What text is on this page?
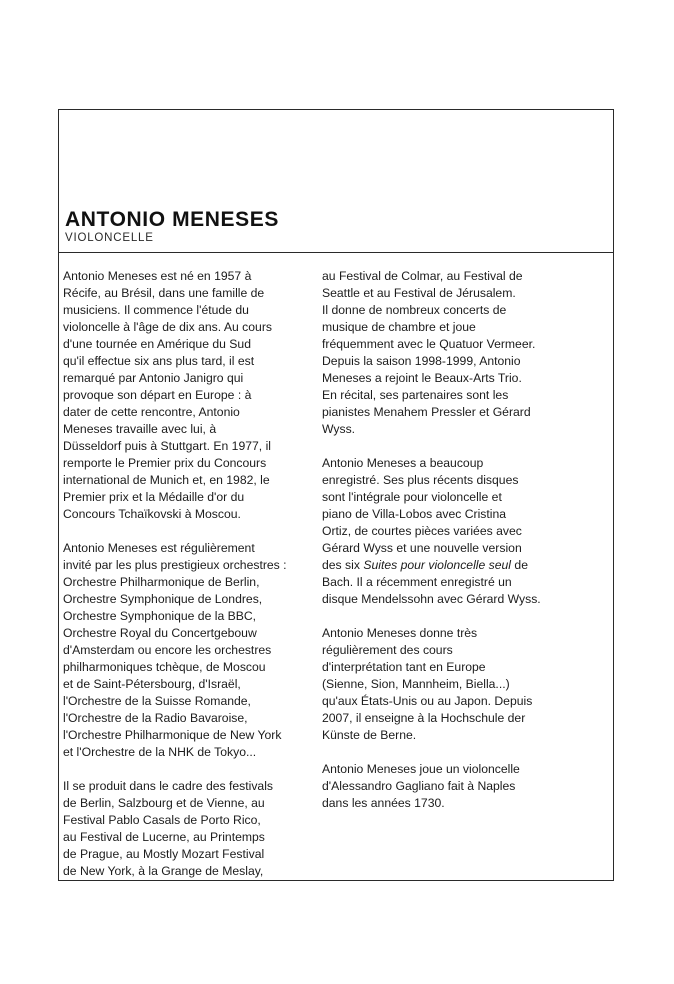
ANTONIO MENESES
VIOLONCELLE

Antonio Meneses est né en 1957 à
Récife, au Brésil, dans une famille de
musiciens. Il commence l'étude du
violoncelle à l'âge de dix ans. Au cours
d'une tournée en Amérique du Sud
qu'il effectue six ans plus tard, il est
remarqué par Antonio Janigro qui
provoque son départ en Europe : à
dater de cette rencontre, Antonio
Meneses travaille avec lui, à
Düsseldorf puis à Stuttgart. En 1977, il
remporte le Premier prix du Concours
international de Munich et, en 1982, le
Premier prix et la Médaille d'or du
Concours Tchaïkovski à Moscou.

Antonio Meneses est régulièrement
invité par les plus prestigieux orchestres :
Orchestre Philharmonique de Berlin,
Orchestre Symphonique de Londres,
Orchestre Symphonique de la BBC,
Orchestre Royal du Concertgebouw
d'Amsterdam ou encore les orchestres
philharmoniques tchèque, de Moscou
et de Saint-Pétersbourg, d'Israël,
l'Orchestre de la Suisse Romande,
l'Orchestre de la Radio Bavaroise,
l'Orchestre Philharmonique de New York
et l'Orchestre de la NHK de Tokyo...

Il se produit dans le cadre des festivals
de Berlin, Salzbourg et de Vienne, au
Festival Pablo Casals de Porto Rico,
au Festival de Lucerne, au Printemps
de Prague, au Mostly Mozart Festival
de New York, à la Grange de Meslay,

au Festival de Colmar, au Festival de
Seattle et au Festival de Jérusalem.
Il donne de nombreux concerts de
musique de chambre et joue
fréquemment avec le Quatuor Vermeer.
Depuis la saison 1998-1999, Antonio
Meneses a rejoint le Beaux-Arts Trio.
En récital, ses partenaires sont les
pianistes Menahem Pressler et Gérard
Wyss.

Antonio Meneses a beaucoup
enregistré. Ses plus récents disques
sont l'intégrale pour violoncelle et
piano de Villa-Lobos avec Cristina
Ortiz, de courtes pièces variées avec
Gérard Wyss et une nouvelle version
des six Suites pour violoncelle seul de
Bach. Il a récemment enregistré un
disque Mendelssohn avec Gérard Wyss.

Antonio Meneses donne très
régulièrement des cours
d'interprétation tant en Europe
(Sienne, Sion, Mannheim, Biella...)
qu'aux États-Unis ou au Japon. Depuis
2007, il enseigne à la Hochschule der
Künste de Berne.

Antonio Meneses joue un violoncelle
d'Alessandro Gagliano fait à Naples
dans les années 1730.
